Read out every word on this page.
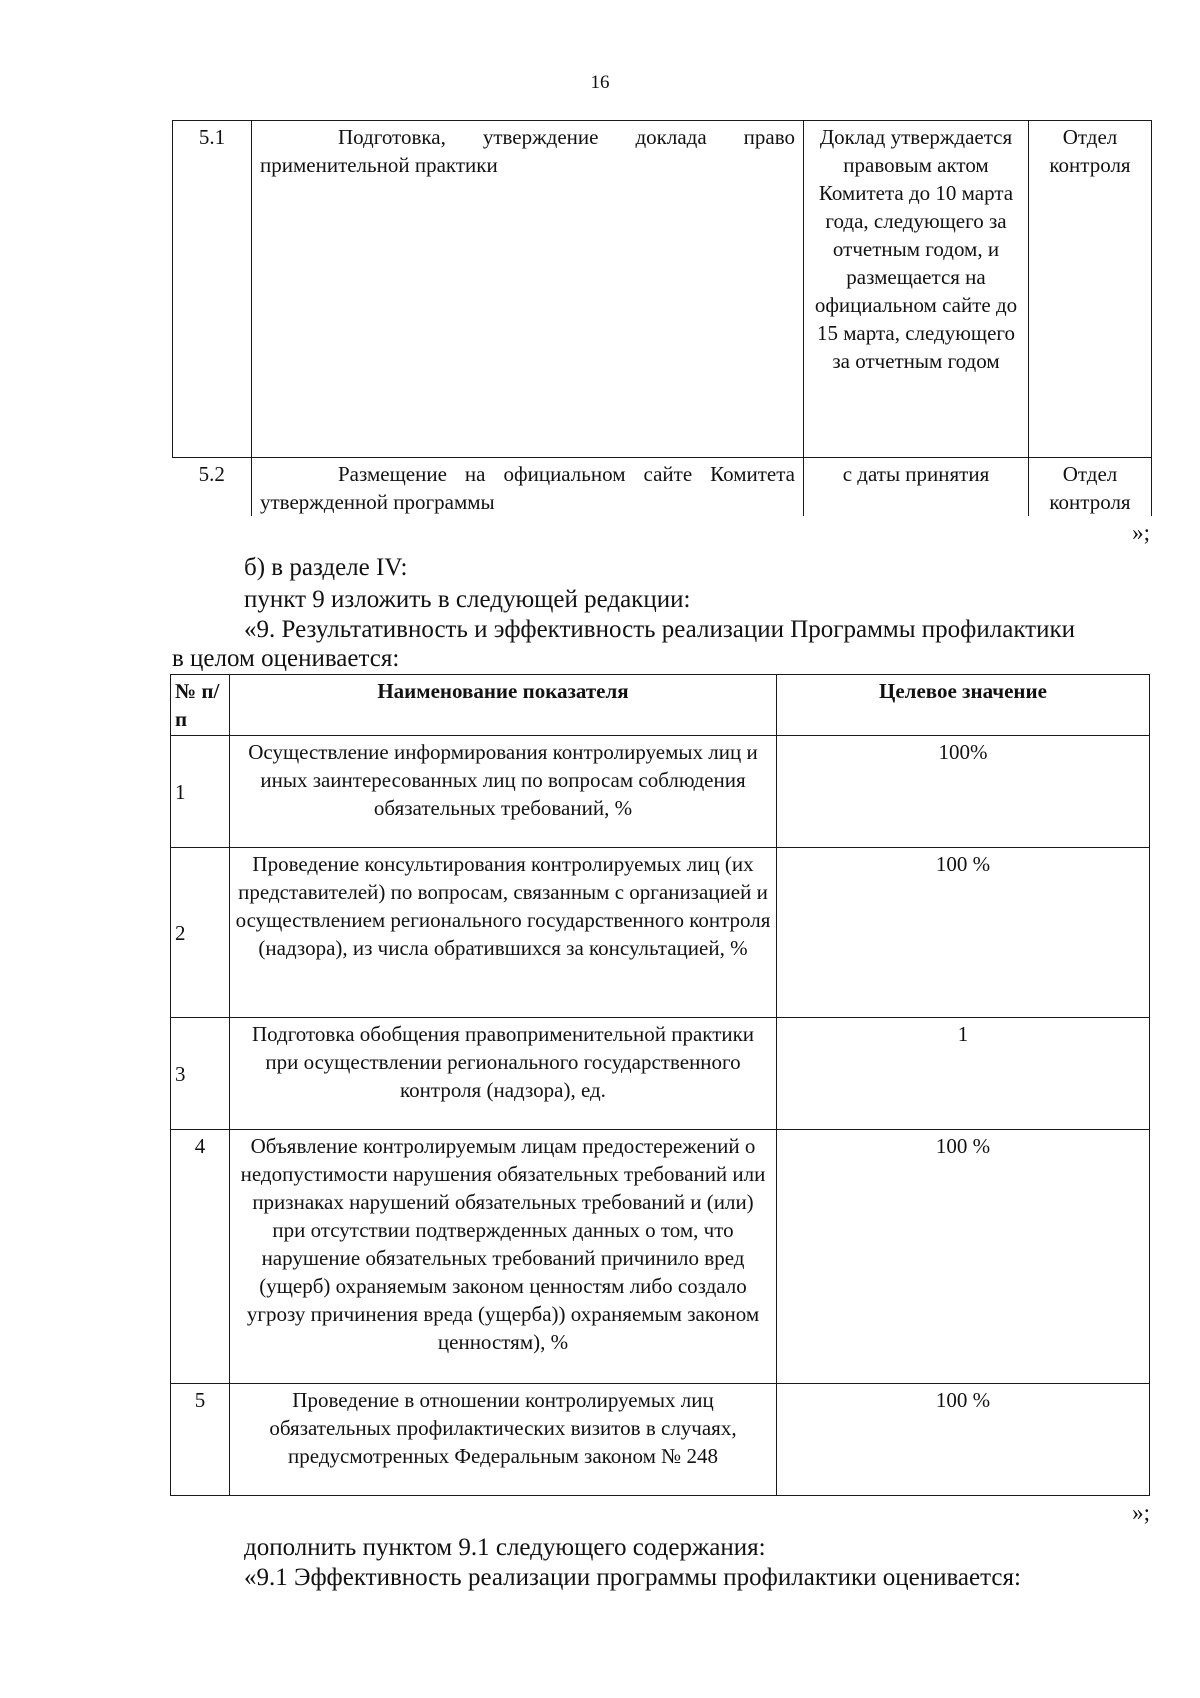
16
5.1	Подготовка, утверждение доклада право применительной практики	Доклад утверждается правовым актом Комитета до 10 марта года, следующего за отчетным годом, и размещается на официальном сайте до 15 марта, следующего за отчетным годом	Отдел контроля
5.2	Размещение на официальном сайте Комитета утвержденной программы	с даты принятия	Отдел контроля
»;
б) в разделе IV:
пункт 9 изложить в следующей редакции:
«9. Результативность и эффективность реализации Программы профилактики
в целом оценивается:
№ п/п	Наименование показателя	Целевое значение
1	Осуществление информирования контролируемых лиц и иных заинтересованных лиц по вопросам соблюдения обязательных требований, %	100%
2	Проведение консультирования контролируемых лиц (их представителей) по вопросам, связанным с организацией и осуществлением регионального государственного контроля (надзора), из числа обратившихся за консультацией, %	100 %
3	Подготовка обобщения правоприменительной практики при осуществлении регионального государственного контроля (надзора), ед.	1
4	Объявление контролируемым лицам предостережений о недопустимости нарушения обязательных требований или признаках нарушений обязательных требований и (или) при отсутствии подтвержденных данных о том, что нарушение обязательных требований причинило вред (ущерб) охраняемым законом ценностям либо создало угрозу причинения вреда (ущерба)) охраняемым законом ценностям), %	100 %
5	Проведение в отношении контролируемых лиц обязательных профилактических визитов в случаях, предусмотренных Федеральным законом № 248	100 %
»;
дополнить пунктом 9.1 следующего содержания:
«9.1 Эффективность реализации программы профилактики оценивается:
